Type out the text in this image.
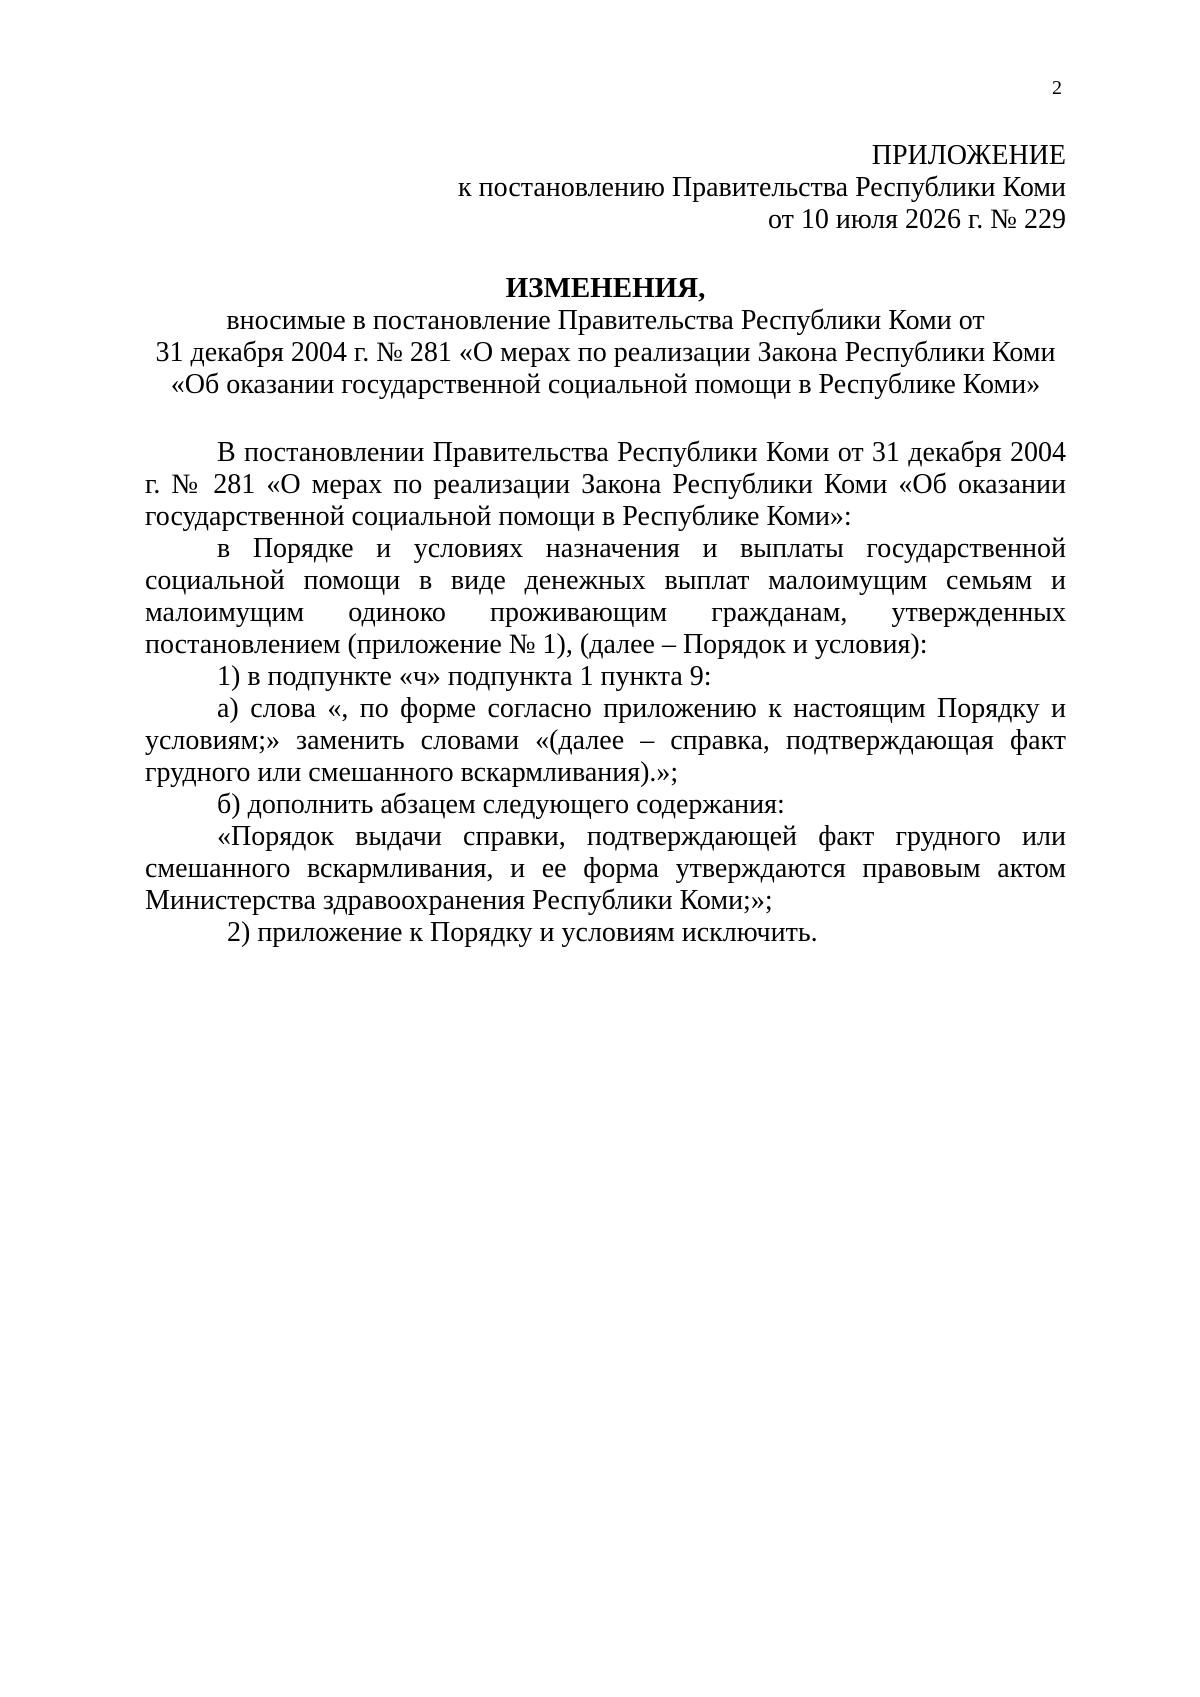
2
ПРИЛОЖЕНИЕ
к постановлению Правительства Республики Коми
от 10 июля 2026 г. № 229
ИЗМЕНЕНИЯ,
вносимые в постановление Правительства Республики Коми от
31 декабря 2004 г. № 281 «О мерах по реализации Закона Республики Коми
«Об оказании государственной социальной помощи в Республике Коми»

В постановлении Правительства Республики Коми от 31 декабря 2004 г. № 281 «О мерах по реализации Закона Республики Коми «Об оказании государственной социальной помощи в Республике Коми»:

в Порядке и условиях назначения и выплаты государственной социальной помощи в виде денежных выплат малоимущим семьям и малоимущим одиноко проживающим гражданам, утвержденных постановлением (приложение № 1), (далее – Порядок и условия):

1) в подпункте «ч» подпункта 1 пункта 9:

а) слова «, по форме согласно приложению к настоящим Порядку и условиям;» заменить словами «(далее – справка, подтверждающая факт грудного или смешанного вскармливания).»;

б) дополнить абзацем следующего содержания:

«Порядок выдачи справки, подтверждающей факт грудного или смешанного вскармливания, и ее форма утверждаются правовым актом Министерства здравоохранения Республики Коми;»;

2) приложение к Порядку и условиям исключить.
